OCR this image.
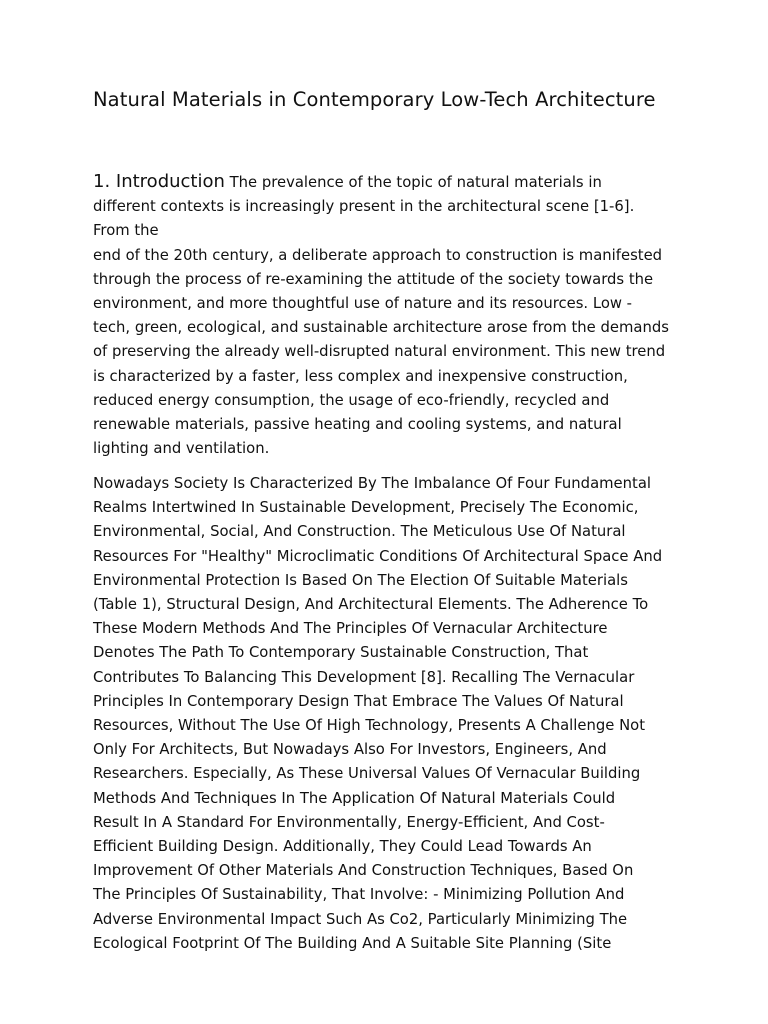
Natural Materials in Contemporary Low-Tech Architecture
1. Introduction The prevalence of the topic of natural materials in
different contexts is increasingly present in the architectural scene [1-6].
From the
end of the 20th century, a deliberate approach to construction is manifested
through the process of re-examining the attitude of the society towards the
environment, and more thoughtful use of nature and its resources. Low -
tech, green, ecological, and sustainable architecture arose from the demands
of preserving the already well-disrupted natural environment. This new trend
is characterized by a faster, less complex and inexpensive construction,
reduced energy consumption, the usage of eco-friendly, recycled and
renewable materials, passive heating and cooling systems, and natural
lighting and ventilation.
Nowadays Society Is Characterized By The Imbalance Of Four Fundamental
Realms Intertwined In Sustainable Development, Precisely The Economic,
Environmental, Social, And Construction. The Meticulous Use Of Natural
Resources For "Healthy" Microclimatic Conditions Of Architectural Space And
Environmental Protection Is Based On The Election Of Suitable Materials
(Table 1), Structural Design, And Architectural Elements. The Adherence To
These Modern Methods And The Principles Of Vernacular Architecture
Denotes The Path To Contemporary Sustainable Construction, That
Contributes To Balancing This Development [8]. Recalling The Vernacular
Principles In Contemporary Design That Embrace The Values Of Natural
Resources, Without The Use Of High Technology, Presents A Challenge Not
Only For Architects, But Nowadays Also For Investors, Engineers, And
Researchers. Especially, As These Universal Values Of Vernacular Building
Methods And Techniques In The Application Of Natural Materials Could
Result In A Standard For Environmentally, Energy-Efficient, And Cost-
Efficient Building Design. Additionally, They Could Lead Towards An
Improvement Of Other Materials And Construction Techniques, Based On
The Principles Of Sustainability, That Involve: - Minimizing Pollution And
Adverse Environmental Impact Such As Co2, Particularly Minimizing The
Ecological Footprint Of The Building And A Suitable Site Planning (Site
